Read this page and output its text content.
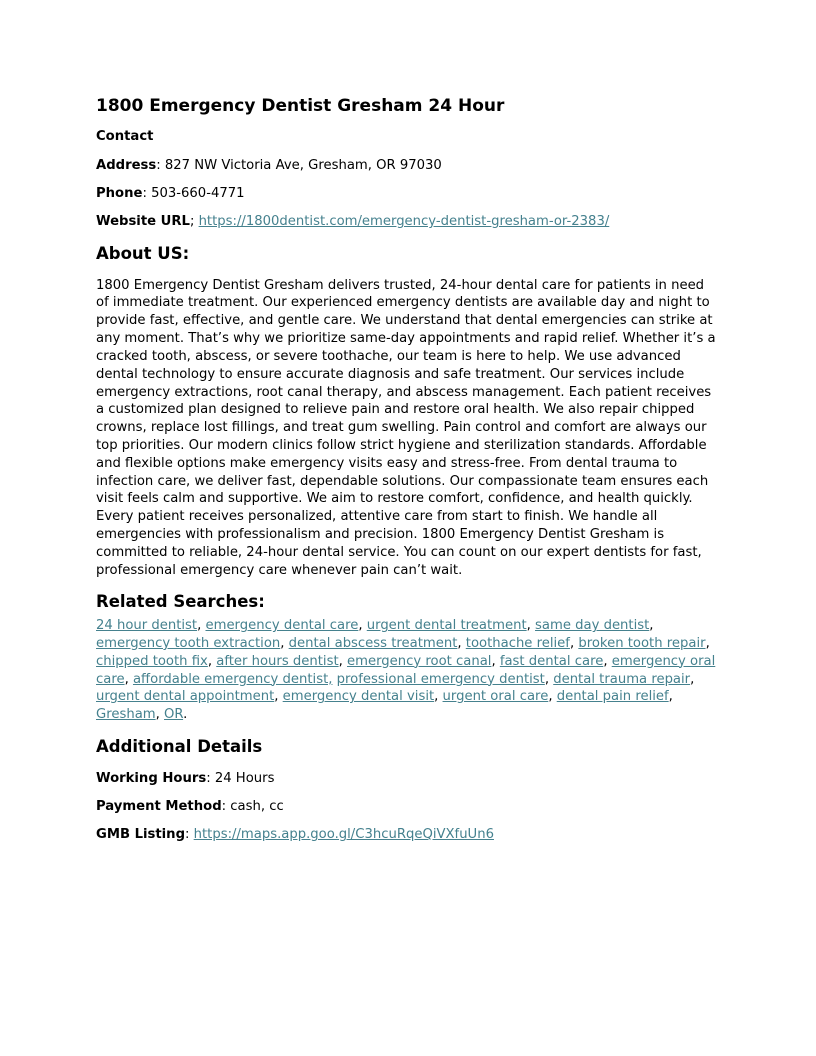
1800 Emergency Dentist Gresham 24 Hour

Contact

Address: 827 NW Victoria Ave, Gresham, OR 97030

Phone: 503-660-4771

Website URL; https://1800dentist.com/emergency-dentist-gresham-or-2383/

About US:

1800 Emergency Dentist Gresham delivers trusted, 24-hour dental care for patients in need of immediate treatment. Our experienced emergency dentists are available day and night to provide fast, effective, and gentle care. We understand that dental emergencies can strike at any moment. That’s why we prioritize same-day appointments and rapid relief. Whether it’s a cracked tooth, abscess, or severe toothache, our team is here to help. We use advanced dental technology to ensure accurate diagnosis and safe treatment. Our services include emergency extractions, root canal therapy, and abscess management. Each patient receives a customized plan designed to relieve pain and restore oral health. We also repair chipped crowns, replace lost fillings, and treat gum swelling. Pain control and comfort are always our top priorities. Our modern clinics follow strict hygiene and sterilization standards. Affordable and flexible options make emergency visits easy and stress-free. From dental trauma to infection care, we deliver fast, dependable solutions. Our compassionate team ensures each visit feels calm and supportive. We aim to restore comfort, confidence, and health quickly. Every patient receives personalized, attentive care from start to finish. We handle all emergencies with professionalism and precision. 1800 Emergency Dentist Gresham is committed to reliable, 24-hour dental service. You can count on our expert dentists for fast, professional emergency care whenever pain can’t wait.

Related Searches:

24 hour dentist, emergency dental care, urgent dental treatment, same day dentist, emergency tooth extraction, dental abscess treatment, toothache relief, broken tooth repair, chipped tooth fix, after hours dentist, emergency root canal, fast dental care, emergency oral care, affordable emergency dentist, professional emergency dentist, dental trauma repair, urgent dental appointment, emergency dental visit, urgent oral care, dental pain relief, Gresham, OR.

Additional Details

Working Hours: 24 Hours

Payment Method: cash, cc

GMB Listing: https://maps.app.goo.gl/C3hcuRqeQiVXfuUn6
